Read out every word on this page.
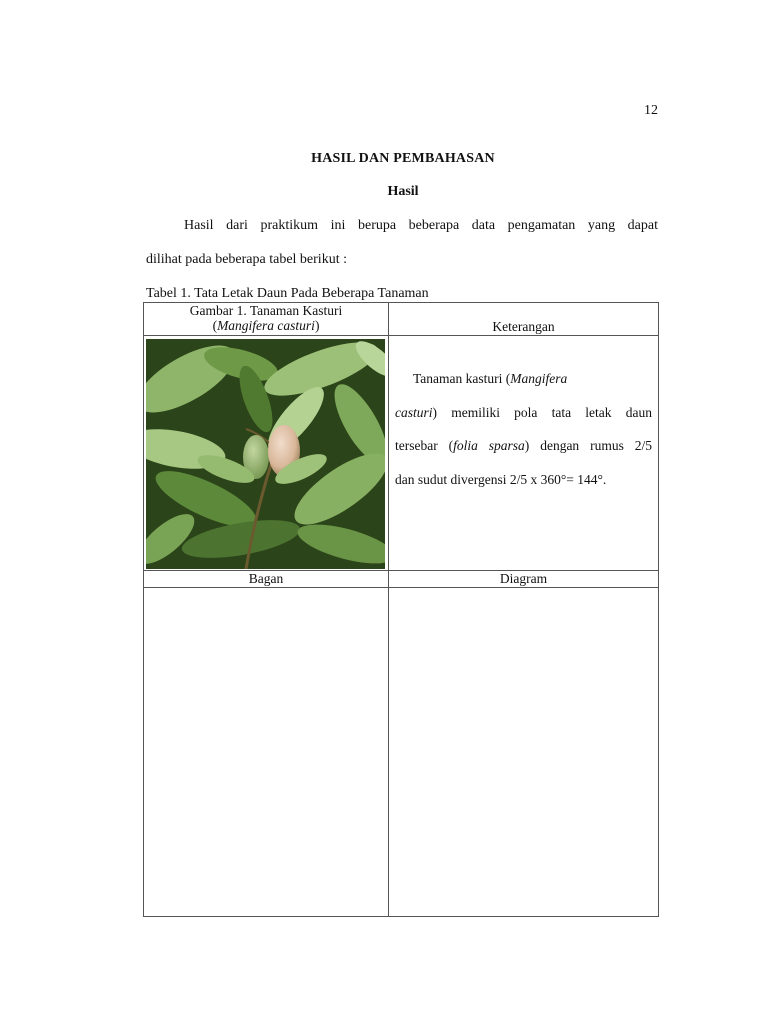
12
HASIL DAN PEMBAHASAN
Hasil
Hasil dari praktikum ini berupa beberapa data pengamatan yang dapat
dilihat pada beberapa tabel berikut :
Tabel 1. Tata Letak Daun Pada Beberapa Tanaman
Gambar 1. Tanaman Kasturi
(Mangifera casturi)	Keterangan

Tanaman kasturi (Mangifera
casturi) memiliki pola tata letak daun
tersebar (folia sparsa) dengan rumus 2/5
dan sudut divergensi 2/5 x 360°= 144°.

Bagan	Diagram
